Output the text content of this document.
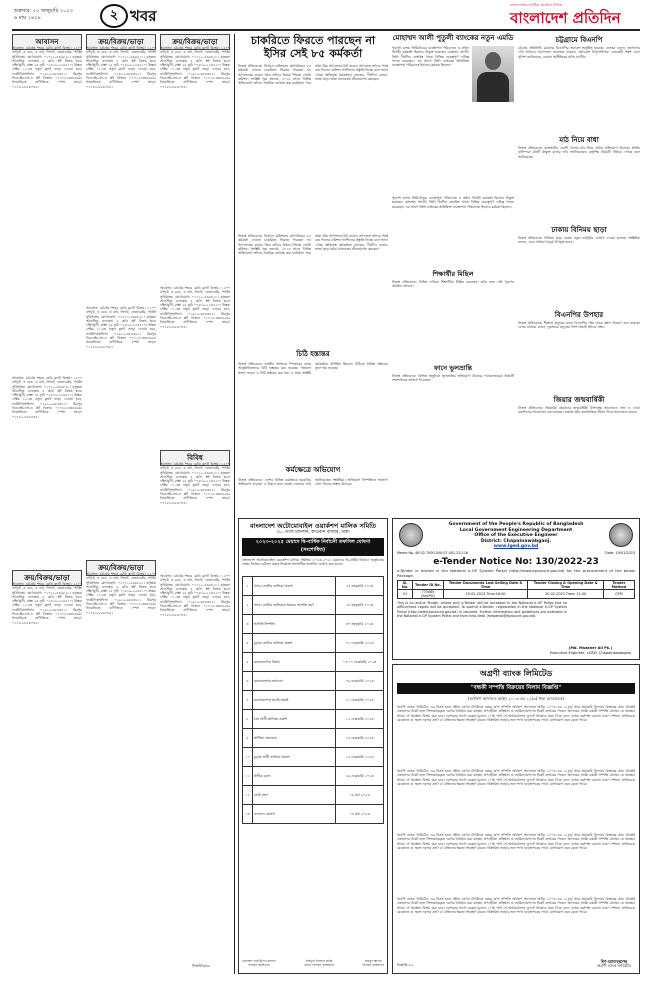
শুক্রবার: ২০ জানুয়ারি ২০২৩
৬ মাঘ ১৪২৯	২ খবর
বাংলাদেশের সর্বাধিক প্রচারিত দৈনিক
বাংলাদেশ প্রতিদিন
আবাসন	ক্রয়/বিক্রয়/ভাড়া	ক্রয়/বিক্রয়/ভাড়া
আবাসন: চট্টগ্রাম শহরে রেডি ফ্ল্যাট বিক্রয়। ১২০০ বর্গফুট, ৩ বেড, ৩ বাথ, লিফট, জেনারেটর, পার্কিং সুবিধাসহ। যোগাযোগ: ০১৭১১-৫৪৬৮২১। বসুন্ধরা আবাসিক এলাকায় ৫ কাঠা প্লট বিক্রয় হবে। দক্ষিণমুখী, রাস্তা ২৫ ফুট। ০১৮১৯-২২৪৫১০। উত্তরা সেক্টর ১১-তে নতুন ফ্ল্যাট ভাড়া দেওয়া হবে, ফ্যামিলি/অফিস। ০১৯১২-৬৮৪৩২১। মিরপুর ডিওএইচএস-এ প্লট বিক্রয়। ০১৭১৫-৩৩৪৫৬৬। ধানমন্ডিতে বাণিজ্যিক স্পেস ভাড়া। ০১৭৫২-৮৮৯০৪৫।
আবাসন: চট্টগ্রাম শহরে রেডি ফ্ল্যাট বিক্রয়। ১২০০ বর্গফুট, ৩ বেড, ৩ বাথ, লিফট, জেনারেটর, পার্কিং সুবিধাসহ। যোগাযোগ: ০১৭১১-৫৪৬৮২১। বসুন্ধরা আবাসিক এলাকায় ৫ কাঠা প্লট বিক্রয় হবে। দক্ষিণমুখী, রাস্তা ২৫ ফুট। ০১৮১৯-২২৪৫১০। উত্তরা সেক্টর ১১-তে নতুন ফ্ল্যাট ভাড়া দেওয়া হবে, ফ্যামিলি/অফিস। ০১৯১২-৬৮৪৩২১। মিরপুর ডিওএইচএস-এ প্লট বিক্রয়। ০১৭১৫-৩৩৪৫৬৬। ধানমন্ডিতে বাণিজ্যিক স্পেস ভাড়া। ০১৭৫২-৮৮৯০৪৫।
ক্রয়/বিক্রয়/ভাড়া
আবাসন: চট্টগ্রাম শহরে রেডি ফ্ল্যাট বিক্রয়। ১২০০ বর্গফুট, ৩ বেড, ৩ বাথ, লিফট, জেনারেটর, পার্কিং সুবিধাসহ। যোগাযোগ: ০১৭১১-৫৪৬৮২১। বসুন্ধরা আবাসিক এলাকায় ৫ কাঠা প্লট বিক্রয় হবে। দক্ষিণমুখী, রাস্তা ২৫ ফুট। ০১৮১৯-২২৪৫১০। উত্তরা সেক্টর ১১-তে নতুন ফ্ল্যাট ভাড়া দেওয়া হবে, ফ্যামিলি/অফিস। ০১৯১২-৬৮৪৩২১। মিরপুর ডিওএইচএস-এ প্লট বিক্রয়। ০১৭১৫-৩৩৪৫৬৬। ধানমন্ডিতে বাণিজ্যিক স্পেস ভাড়া। ০১৭৫২-৮৮৯০৪৫।
আবাসন: চট্টগ্রাম শহরে রেডি ফ্ল্যাট বিক্রয়। ১২০০ বর্গফুট, ৩ বেড, ৩ বাথ, লিফট, জেনারেটর, পার্কিং সুবিধাসহ। যোগাযোগ: ০১৭১১-৫৪৬৮২১। বসুন্ধরা আবাসিক এলাকায় ৫ কাঠা প্লট বিক্রয় হবে। দক্ষিণমুখী, রাস্তা ২৫ ফুট। ০১৮১৯-২২৪৫১০। উত্তরা সেক্টর ১১-তে নতুন ফ্ল্যাট ভাড়া দেওয়া হবে, ফ্যামিলি/অফিস। ০১৯১২-৬৮৪৩২১। মিরপুর ডিওএইচএস-এ প্লট বিক্রয়। ০১৭১৫-৩৩৪৫৬৬। ধানমন্ডিতে বাণিজ্যিক স্পেস ভাড়া। ০১৭৫২-৮৮৯০৪৫।
আবাসন: চট্টগ্রাম শহরে রেডি ফ্ল্যাট বিক্রয়। ১২০০ বর্গফুট, ৩ বেড, ৩ বাথ, লিফট, জেনারেটর, পার্কিং সুবিধাসহ। যোগাযোগ: ০১৭১১-৫৪৬৮২১। বসুন্ধরা আবাসিক এলাকায় ৫ কাঠা প্লট বিক্রয় হবে। দক্ষিণমুখী, রাস্তা ২৫ ফুট। ০১৮১৯-২২৪৫১০। উত্তরা সেক্টর ১১-তে নতুন ফ্ল্যাট ভাড়া দেওয়া হবে, ফ্যামিলি/অফিস। ০১৯১২-৬৮৪৩২১। মিরপুর ডিওএইচএস-এ প্লট বিক্রয়। ০১৭১৫-৩৩৪৫৬৬। ধানমন্ডিতে বাণিজ্যিক স্পেস ভাড়া। ০১৭৫২-৮৮৯০৪৫।
ক্রয়/বিক্রয়/ভাড়া
আবাসন: চট্টগ্রাম শহরে রেডি ফ্ল্যাট বিক্রয়। ১২০০ বর্গফুট, ৩ বেড, ৩ বাথ, লিফট, জেনারেটর, পার্কিং সুবিধাসহ। যোগাযোগ: ০১৭১১-৫৪৬৮২১। বসুন্ধরা আবাসিক এলাকায় ৫ কাঠা প্লট বিক্রয় হবে। দক্ষিণমুখী, রাস্তা ২৫ ফুট। ০১৮১৯-২২৪৫১০। উত্তরা সেক্টর ১১-তে নতুন ফ্ল্যাট ভাড়া দেওয়া হবে, ফ্যামিলি/অফিস। ০১৯১২-৬৮৪৩২১। মিরপুর ডিওএইচএস-এ প্লট বিক্রয়। ০১৭১৫-৩৩৪৫৬৬। ধানমন্ডিতে বাণিজ্যিক স্পেস ভাড়া। ০১৭৫২-৮৮৯০৪৫।
আবাসন: চট্টগ্রাম শহরে রেডি ফ্ল্যাট বিক্রয়। ১২০০ বর্গফুট, ৩ বেড, ৩ বাথ, লিফট, জেনারেটর, পার্কিং সুবিধাসহ। যোগাযোগ: ০১৭১১-৫৪৬৮২১। বসুন্ধরা আবাসিক এলাকায় ৫ কাঠা প্লট বিক্রয় হবে। দক্ষিণমুখী, রাস্তা ২৫ ফুট। ০১৮১৯-২২৪৫১০। উত্তরা সেক্টর ১১-তে নতুন ফ্ল্যাট ভাড়া দেওয়া হবে, ফ্যামিলি/অফিস। ০১৯১২-৬৮৪৩২১। মিরপুর ডিওএইচএস-এ প্লট বিক্রয়। ০১৭১৫-৩৩৪৫৬৬। ধানমন্ডিতে বাণিজ্যিক স্পেস ভাড়া। ০১৭৫২-৮৮৯০৪৫।
আবাসন: চট্টগ্রাম শহরে রেডি ফ্ল্যাট বিক্রয়। ১২০০ বর্গফুট, ৩ বেড, ৩ বাথ, লিফট, জেনারেটর, পার্কিং সুবিধাসহ। যোগাযোগ: ০১৭১১-৫৪৬৮২১। বসুন্ধরা আবাসিক এলাকায় ৫ কাঠা প্লট বিক্রয় হবে। দক্ষিণমুখী, রাস্তা ২৫ ফুট। ০১৮১৯-২২৪৫১০। উত্তরা সেক্টর ১১-তে নতুন ফ্ল্যাট ভাড়া দেওয়া হবে, ফ্যামিলি/অফিস। ০১৯১২-৬৮৪৩২১। মিরপুর ডিওএইচএস-এ প্লট বিক্রয়। ০১৭১৫-৩৩৪৫৬৬। ধানমন্ডিতে বাণিজ্যিক স্পেস ভাড়া। ০১৭৫২-৮৮৯০৪৫।
বিবিধ
আবাসন: চট্টগ্রাম শহরে রেডি ফ্ল্যাট বিক্রয়। ১২০০ বর্গফুট, ৩ বেড, ৩ বাথ, লিফট, জেনারেটর, পার্কিং সুবিধাসহ। যোগাযোগ: ০১৭১১-৫৪৬৮২১। বসুন্ধরা আবাসিক এলাকায় ৫ কাঠা প্লট বিক্রয় হবে। দক্ষিণমুখী, রাস্তা ২৫ ফুট। ০১৮১৯-২২৪৫১০। উত্তরা সেক্টর ১১-তে নতুন ফ্ল্যাট ভাড়া দেওয়া হবে, ফ্যামিলি/অফিস। ০১৯১২-৬৮৪৩২১। মিরপুর ডিওএইচএস-এ প্লট বিক্রয়। ০১৭১৫-৩৩৪৫৬৬। ধানমন্ডিতে বাণিজ্যিক স্পেস ভাড়া। ০১৭৫২-৮৮৯০৪৫।
আবাসন: চট্টগ্রাম শহরে রেডি ফ্ল্যাট বিক্রয়। ১২০০ বর্গফুট, ৩ বেড, ৩ বাথ, লিফট, জেনারেটর, পার্কিং সুবিধাসহ। যোগাযোগ: ০১৭১১-৫৪৬৮২১। বসুন্ধরা আবাসিক এলাকায় ৫ কাঠা প্লট বিক্রয় হবে। দক্ষিণমুখী, রাস্তা ২৫ ফুট। ০১৮১৯-২২৪৫১০। উত্তরা সেক্টর ১১-তে নতুন ফ্ল্যাট ভাড়া দেওয়া হবে, ফ্যামিলি/অফিস। ০১৯১২-৬৮৪৩২১। মিরপুর ডিওএইচএস-এ প্লট বিক্রয়। ০১৭১৫-৩৩৪৫৬৬। ধানমন্ডিতে বাণিজ্যিক স্পেস ভাড়া। ০১৭৫২-৮৮৯০৪৫।
পিআইডি/৩৫
চাকরিতে ফিরতে পারছেন না ইসির সেই ৮৫ কর্মকর্তা
নিজস্ব প্রতিবেদক: নির্বাচন কমিশনের মাঠপর্যায়ের ৮৫ কর্মকর্তা এখনো চাকরিতে ফিরতে পারছেন না। আদালতের রায়ের পরও তাঁদের বিষয়ে সিদ্ধান্ত দেয়নি কমিশন। সংশ্লিষ্ট সূত্র জানায়, ২০১৮ সালে বিভিন্ন অভিযোগে তাঁদের সাময়িক বরখাস্ত করা হয়েছিল। পরে তাঁরা উচ্চ আদালতে রিট করেন। আদালত তাঁদের পক্ষে রায় দিলেও কমিশন আপিলের প্রস্তুতি নিচ্ছে বলে জানা গেছে। ক্ষতিগ্রস্ত কর্মকর্তারা বলছেন, দীর্ঘদিন বেতন-ভাতা ছাড়া তাঁরা মানবেতর জীবনযাপন করছেন।
নিজস্ব প্রতিবেদক: নির্বাচন কমিশনের মাঠপর্যায়ের ৮৫ কর্মকর্তা এখনো চাকরিতে ফিরতে পারছেন না। আদালতের রায়ের পরও তাঁদের বিষয়ে সিদ্ধান্ত দেয়নি কমিশন। সংশ্লিষ্ট সূত্র জানায়, ২০১৮ সালে বিভিন্ন অভিযোগে তাঁদের সাময়িক বরখাস্ত করা হয়েছিল। পরে তাঁরা উচ্চ আদালতে রিট করেন। আদালত তাঁদের পক্ষে রায় দিলেও কমিশন আপিলের প্রস্তুতি নিচ্ছে বলে জানা গেছে। ক্ষতিগ্রস্ত কর্মকর্তারা বলছেন, দীর্ঘদিন বেতন-ভাতা ছাড়া তাঁরা মানবেতর জীবনযাপন করছেন।
চিঠি হস্তান্তর
নিজস্ব প্রতিবেদক: জাতীয় সংসদের স্পিকারের কাছে আনুষ্ঠানিকভাবে চিঠি হস্তান্তর করা হয়েছে। গতকাল সংসদ ভবনে এ চিঠি হস্তান্তর করা হয়। এ সময় সংশ্লিষ্ট কর্মকর্তারা উপস্থিত ছিলেন। চিঠিতে বিভিন্ন প্রস্তাবনা তুলে ধরা হয়েছে।
কর্মক্ষেত্রে অভিযোগ
নিজস্ব প্রতিবেদক: দেশের বিভিন্ন কর্মক্ষেত্রে হয়রানির অভিযোগ বাড়ছে। এ বিষয়ে দ্রুত ব্যবস্থা নেওয়ার দাবি জানিয়েছেন সংশ্লিষ্টরা। অভিযোগ নিষ্পত্তিতে আলাদা সেল গঠনের প্রস্তাব উঠেছে।
মোহাম্মদ আলী পুতুলী ব্যাংকের নতুন এমডি
পূবালী ব্যাংক লিমিটেডের ব্যবস্থাপনা পরিচালক ও প্রধান নির্বাহী কর্মকর্তা হিসেবে নিযুক্ত হয়েছেন মোহাম্মদ আলী। তিনি দীর্ঘদিন ব্যাংকিং খাতে বিভিন্ন গুরুত্বপূর্ণ দায়িত্ব পালন করেছেন। এর আগে তিনি ব্যাংকের অতিরিক্ত ব্যবস্থাপনা পরিচালক হিসেবে কর্মরত ছিলেন।
পূবালী ব্যাংক লিমিটেডের ব্যবস্থাপনা পরিচালক ও প্রধান নির্বাহী কর্মকর্তা হিসেবে নিযুক্ত হয়েছেন মোহাম্মদ আলী। তিনি দীর্ঘদিন ব্যাংকিং খাতে বিভিন্ন গুরুত্বপূর্ণ দায়িত্ব পালন করেছেন। এর আগে তিনি ব্যাংকের অতিরিক্ত ব্যবস্থাপনা পরিচালক হিসেবে কর্মরত ছিলেন।
শিক্ষার্থীর মিছিল
নিজস্ব প্রতিবেদক: বিভিন্ন দাবিতে শিক্ষার্থীরা মিছিল করেছেন। তাঁরা দ্রুত দাবি পূরণের আহ্বান জানান।
ফানে ভুলভ্রান্তি
নিজস্ব প্রতিবেদক: বিভিন্ন অনুষ্ঠানে ভুলভ্রান্তির অভিযোগ উঠেছে। আয়োজকেরা বিষয়টি সংশোধনের আশ্বাস দিয়েছেন।
চট্টগ্রামে বিএনপি
চট্টগ্রাম প্রতিনিধি: চট্টগ্রামে বিএনপির সমাবেশ অনুষ্ঠিত হয়েছে। নেতারা বলেন, জনগণের দাবি আদায়ে আন্দোলন অব্যাহত থাকবে। সমাবেশে বিপুলসংখ্যক নেতাকর্মী অংশ নেন। পুলিশ জানিয়েছে, কোনো অপ্রীতিকর ঘটনা ঘটেনি।
মাঠ নিয়ে বাধা
নিজস্ব প্রতিবেদক: রাজধানীর একটি খেলার মাঠ নিয়ে বাধার অভিযোগ উঠেছে। স্থানীয় বাসিন্দারা মাঠটি উন্মুক্ত রাখার দাবি জানিয়েছেন। কর্তৃপক্ষ বিষয়টি খতিয়ে দেখছে বলে জানিয়েছে।
ঢাকায় বিনিময় ছাড়া
নিজস্ব প্রতিবেদক: বিনিময় ছাড়া ঢাকায় নতুন কর্মসূচির ঘোষণা দেওয়া হয়েছে। সংশ্লিষ্টরা বলেন, এতে সাধারণ মানুষ উপকৃত হবেন।
বিএনপির উপহার
নিজস্ব প্রতিবেদক: শীতার্ত মানুষের মাঝে বিএনপির পক্ষ থেকে কম্বল বিতরণ করা হয়েছে। দলের নেতারা বলেন, দুঃসময়ে মানুষের পাশে থাকাই তাঁদের লক্ষ্য।
জিয়ার জন্মবার্ষিকী
নিজস্ব প্রতিবেদক: জিয়াউর রহমানের জন্মবার্ষিকী উপলক্ষে আলোচনা সভা ও দোয়া মাহফিলের আয়োজন করা হয়েছে। বক্তারা তাঁর রাজনৈতিক জীবন নিয়ে আলোচনা করেন।
Government of the People's Republic of Bangladesh
Local Government Engineering Department
Office of the Executive Engineer
District: Chapainawabganj.
www.lged.gov.bd
Memo No. 46.02.7000.000.07.001.23-116	Date: 19/01/2023
e-Tender Notice No: 130/2022-23
e-Tender is invited in the National e-GP System Portal (http://www.eprocure.gov.bd) for the procurement of the below Package.
Sl. No.	Tender ID No.	Tender Documents Last Selling Date & Time	Tender Closing & Opening Date & Time	Tender Method
01	775465 (SecPIII)	19-02-2023 Time:16:00	20-02-2023 Time: 11:00	OTM
This is an online Tender, where only e-Tender will be accepted in the National e-GP Portal and no offline/hard copies will be accepted. To submit e-Tender, registration in the National e-GP System Portal (http://www.eprocure.gov.bd) is required. Further information and guidelines are available in the National e-GP System Portal and from help desk (helpdesk@eprocure.gov.bd).
(Md. Mazaher Ali Pk.)
Executive Engineer, LGED, Chapainawabganj
বাংলাদেশ অটোমোবাইল ওয়ার্কশপ মালিক সমিতি
২৮, তাজ ম্যানশন, কাওরান বাজার, ঢাকা
২০২৩-২০২৫ মেয়াদে দ্বি-বার্ষিক নির্বাচনী তফসিল ঘোষণা (সংশোধিত)
বাংলাদেশ অটোমোবাইল ওয়ার্কশপ মালিক সমিতির ২০২৩-২০২৫ মেয়াদের দ্বি-বার্ষিক নির্বাচন অনুষ্ঠানের লক্ষ্যে নির্বাচন কমিশন কর্তৃক নিম্নোক্ত সংশোধিত তফসিল ঘোষণা করা হলো।
১	খসড়া ভোটার তালিকা প্রকাশ	২৫ জানুয়ারি ২০২৩
২	খসড়া ভোটার তালিকার বিরুদ্ধে আপত্তি গ্রহণ	২৮ জানুয়ারি ২০২৩
৩	আপত্তি নিষ্পত্তি	৩০ জানুয়ারি ২০২৩
৪	চূড়ান্ত ভোটার তালিকা প্রকাশ	০১ ফেব্রুয়ারি ২০২৩
৫	মনোনয়নপত্র বিক্রয়	০৫-০৭ ফেব্রুয়ারি ২০২৩
৬	মনোনয়নপত্র জমাদান	০৯ ফেব্রুয়ারি ২০২৩
৭	মনোনয়নপত্র যাচাই-বাছাই	১১ ফেব্রুয়ারি ২০২৩
৮	বৈধ প্রার্থী তালিকা প্রকাশ	১২ ফেব্রুয়ারি ২০২৩
৯	প্রার্থিতা প্রত্যাহার	১৪ ফেব্রুয়ারি ২০২৩
১০	চূড়ান্ত প্রার্থী তালিকা প্রকাশ	১৫ ফেব্রুয়ারি ২০২৩
১১	প্রতীক বরাদ্দ	১৬ ফেব্রুয়ারি ২০২৩
১২	ভোট গ্রহণ	০৪ মার্চ ২০২৩
১৩	ফলাফল ঘোষণা	০৪ মার্চ ২০২৩
মোহাম্মদ সফিউদ্দিন রহমান
নির্বাচন কমিশনার
সাইফুল ইসলাম কবির
প্রধান নির্বাচন কমিশনার
মাহবুব আলম
নির্বাচন কমিশনার
অগ্রণী ব্যাংক লিমিটেড
"বন্ধকী সম্পত্তি বিক্রয়ের নিলাম বিজ্ঞপ্তি"
(অর্থঋণ আদালত আইন ২০০৩ এর ১২(৩) ধারা মোতাবেক)
অগ্রণী ব্যাংক লিমিটেড এর নিকট হতে গৃহীত ঋণের বিপরীতে বন্ধক রাখা সম্পত্তি অর্থঋণ আদালত আইন ২০০৩ এর ১২(৩) ধারা অনুযায়ী নিলামে বিক্রয়ের জন্য আগ্রহী ক্রেতাদের নিকট হতে সিলমোহরকৃত দরপত্র আহ্বান করা যাচ্ছে। ঋণগ্রহীতা প্রতিষ্ঠান ও জামিনদারগণের নিকট ব্যাংকের পাওনা আদায়ের লক্ষ্যে বন্ধকী সম্পত্তি যেখানে যে অবস্থায় আছে সে অবস্থায় বিক্রয় করা হবে। দরপত্রের সাথে দরকৃত মূল্যের ১০% অর্থ পে-অর্ডার/ব্যাংক ড্রাফট আকারে জমা দিতে হবে। ব্যাংক কর্তৃপক্ষ কোনো কারণ দর্শানো ব্যতিরেকে যেকোনো বা সকল দরপত্র গ্রহণ বা বাতিলের ক্ষমতা সংরক্ষণ করেন। বিস্তারিত তথ্যের জন্য শাখা ব্যবস্থাপকের সাথে যোগাযোগ করা যেতে পারে।
অগ্রণী ব্যাংক লিমিটেড এর নিকট হতে গৃহীত ঋণের বিপরীতে বন্ধক রাখা সম্পত্তি অর্থঋণ আদালত আইন ২০০৩ এর ১২(৩) ধারা অনুযায়ী নিলামে বিক্রয়ের জন্য আগ্রহী ক্রেতাদের নিকট হতে সিলমোহরকৃত দরপত্র আহ্বান করা যাচ্ছে। ঋণগ্রহীতা প্রতিষ্ঠান ও জামিনদারগণের নিকট ব্যাংকের পাওনা আদায়ের লক্ষ্যে বন্ধকী সম্পত্তি যেখানে যে অবস্থায় আছে সে অবস্থায় বিক্রয় করা হবে। দরপত্রের সাথে দরকৃত মূল্যের ১০% অর্থ পে-অর্ডার/ব্যাংক ড্রাফট আকারে জমা দিতে হবে। ব্যাংক কর্তৃপক্ষ কোনো কারণ দর্শানো ব্যতিরেকে যেকোনো বা সকল দরপত্র গ্রহণ বা বাতিলের ক্ষমতা সংরক্ষণ করেন। বিস্তারিত তথ্যের জন্য শাখা ব্যবস্থাপকের সাথে যোগাযোগ করা যেতে পারে।
অগ্রণী ব্যাংক লিমিটেড এর নিকট হতে গৃহীত ঋণের বিপরীতে বন্ধক রাখা সম্পত্তি অর্থঋণ আদালত আইন ২০০৩ এর ১২(৩) ধারা অনুযায়ী নিলামে বিক্রয়ের জন্য আগ্রহী ক্রেতাদের নিকট হতে সিলমোহরকৃত দরপত্র আহ্বান করা যাচ্ছে। ঋণগ্রহীতা প্রতিষ্ঠান ও জামিনদারগণের নিকট ব্যাংকের পাওনা আদায়ের লক্ষ্যে বন্ধকী সম্পত্তি যেখানে যে অবস্থায় আছে সে অবস্থায় বিক্রয় করা হবে। দরপত্রের সাথে দরকৃত মূল্যের ১০% অর্থ পে-অর্ডার/ব্যাংক ড্রাফট আকারে জমা দিতে হবে। ব্যাংক কর্তৃপক্ষ কোনো কারণ দর্শানো ব্যতিরেকে যেকোনো বা সকল দরপত্র গ্রহণ বা বাতিলের ক্ষমতা সংরক্ষণ করেন। বিস্তারিত তথ্যের জন্য শাখা ব্যবস্থাপকের সাথে যোগাযোগ করা যেতে পারে।
অগ্রণী ব্যাংক লিমিটেড এর নিকট হতে গৃহীত ঋণের বিপরীতে বন্ধক রাখা সম্পত্তি অর্থঋণ আদালত আইন ২০০৩ এর ১২(৩) ধারা অনুযায়ী নিলামে বিক্রয়ের জন্য আগ্রহী ক্রেতাদের নিকট হতে সিলমোহরকৃত দরপত্র আহ্বান করা যাচ্ছে। ঋণগ্রহীতা প্রতিষ্ঠান ও জামিনদারগণের নিকট ব্যাংকের পাওনা আদায়ের লক্ষ্যে বন্ধকী সম্পত্তি যেখানে যে অবস্থায় আছে সে অবস্থায় বিক্রয় করা হবে। দরপত্রের সাথে দরকৃত মূল্যের ১০% অর্থ পে-অর্ডার/ব্যাংক ড্রাফট আকারে জমা দিতে হবে। ব্যাংক কর্তৃপক্ষ কোনো কারণ দর্শানো ব্যতিরেকে যেকোনো বা সকল দরপত্র গ্রহণ বা বাতিলের ক্ষমতা সংরক্ষণ করেন। বিস্তারিত তথ্যের জন্য শাখা ব্যবস্থাপকের সাথে যোগাযোগ করা যেতে পারে।
বিজ্ঞপ্তি-৫২
উপ-মহাব্যবস্থাপক
অগ্রণী ব্যাংক লিমিটেড
